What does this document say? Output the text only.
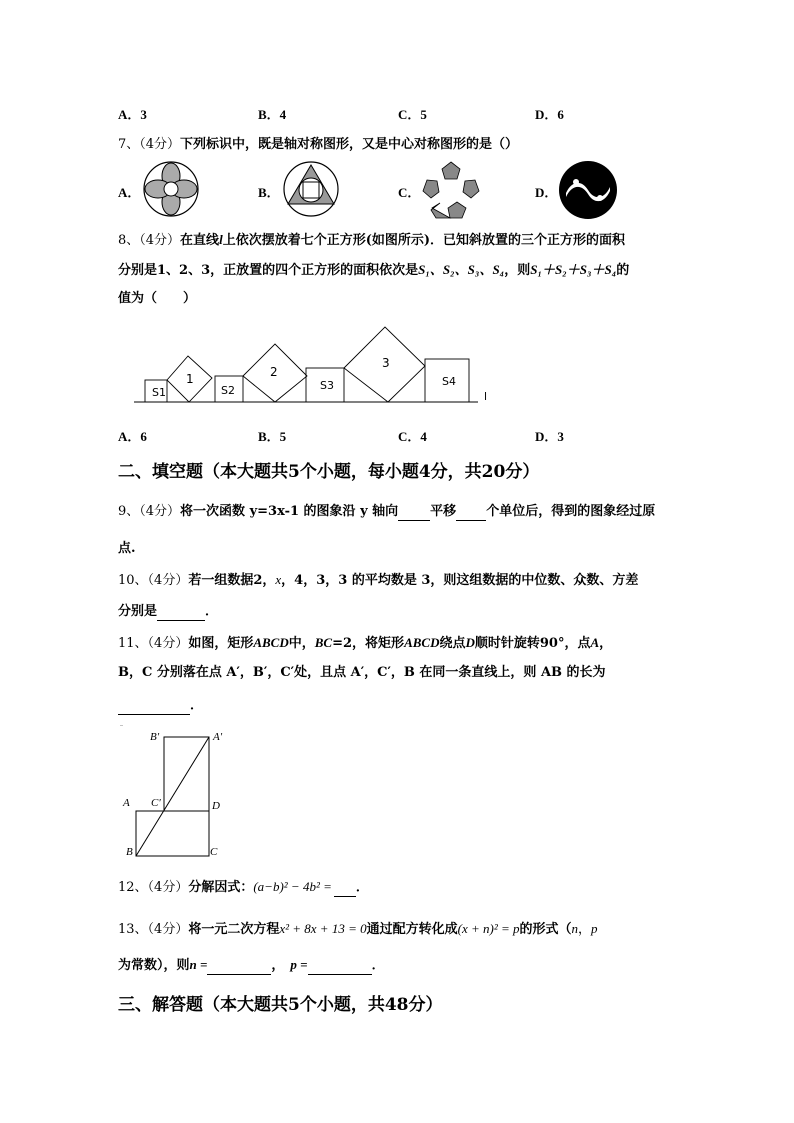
A．3	B．4	C．5	D．6
7、（4分）下列标识中，既是轴对称图形，又是中心对称图形的是（）
A．	B．	C．	D．
8、（4分）在直线l上依次摆放着七个正方形(如图所示)．已知斜放置的三个正方形的面积
分别是1、2、3，正放置的四个正方形的面积依次是S₁、S₂、S₃、S₄，则S₁＋S₂＋S₃＋S₄的
值为（　　）
1	2
3
S1	S2	S3	S4
l
A．6	B．5	C．4	D．3
二、填空题（本大题共5个小题，每小题4分，共20分）
9、（4分）将一次函数 y=3x-1 的图象沿 y 轴向 平移 个单位后，得到的图象经过原
点.
10、（4分）若一组数据2，x，4，3，3 的平均数是 3，则这组数据的中位数、众数、方差
分别是	．
11、（4分）如图，矩形ABCD中，BC=2，将矩形ABCD绕点D顺时针旋转90°，点A，
B，C 分别落在点 A′，B′，C′处，且点 A′，C′，B 在同一条直线上，则 AB 的长为
．
B′	A′
A C′	D
B	C
12、（4分）分解因式：(a−b)² − 4b² = ．
13、（4分）将一元二次方程x² + 8x + 13 = 0通过配方转化成(x + n)² = p的形式（n，p
为常数），则n =	， p =	．
三、解答题（本大题共5个小题，共48分）
